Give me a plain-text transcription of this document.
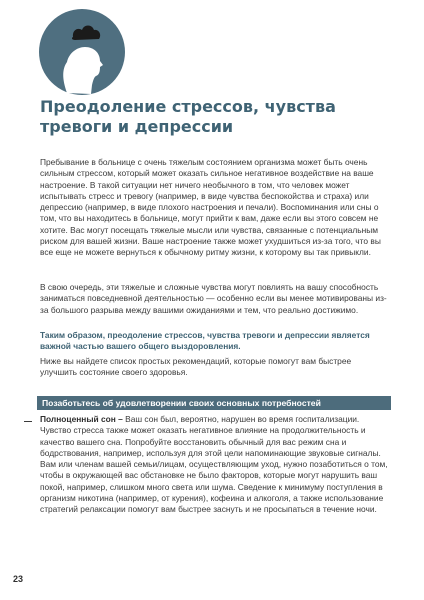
Преодоление стрессов, чувства тревоги и депрессии

Пребывание в больнице с очень тяжелым состоянием организма может быть очень сильным стрессом, который может оказать сильное негативное воздействие на ваше настроение. В такой ситуации нет ничего необычного в том, что человек может испытывать стресс и тревогу (например, в виде чувства беспокойства и страха) или депрессию (например, в виде плохого настроения и печали). Воспоминания или сны о том, что вы находитесь в больнице, могут прийти к вам, даже если вы этого совсем не хотите. Вас могут посещать тяжелые мысли или чувства, связанные с потенциальным риском для вашей жизни. Ваше настроение также может ухудшиться из-за того, что вы все еще не можете вернуться к обычному ритму жизни, к которому вы так привыкли.

В свою очередь, эти тяжелые и сложные чувства могут повлиять на вашу способность заниматься повседневной деятельностью — особенно если вы менее мотивированы из-за большого разрыва между вашими ожиданиями и тем, что реально достижимо.

Таким образом, преодоление стрессов, чувства тревоги и депрессии является важной частью вашего общего выздоровления.

Ниже вы найдете список простых рекомендаций, которые помогут вам быстрее улучшить состояние своего здоровья.

Позаботьтесь об удовлетворении своих основных потребностей

Полноценный сон – Ваш сон был, вероятно, нарушен во время госпитализации. Чувство стресса также может оказать негативное влияние на продолжительность и качество вашего сна. Попробуйте восстановить обычный для вас режим сна и бодрствования, например, используя для этой цели напоминающие звуковые сигналы. Вам или членам вашей семьи/лицам, осуществляющим уход, нужно позаботиться о том, чтобы в окружающей вас обстановке не было факторов, которые могут нарушить ваш покой, например, слишком много света или шума. Сведение к минимуму поступления в организм никотина (например, от курения), кофеина и алкоголя, а также использование стратегий релаксации помогут вам быстрее заснуть и не просыпаться в течение ночи.

23
